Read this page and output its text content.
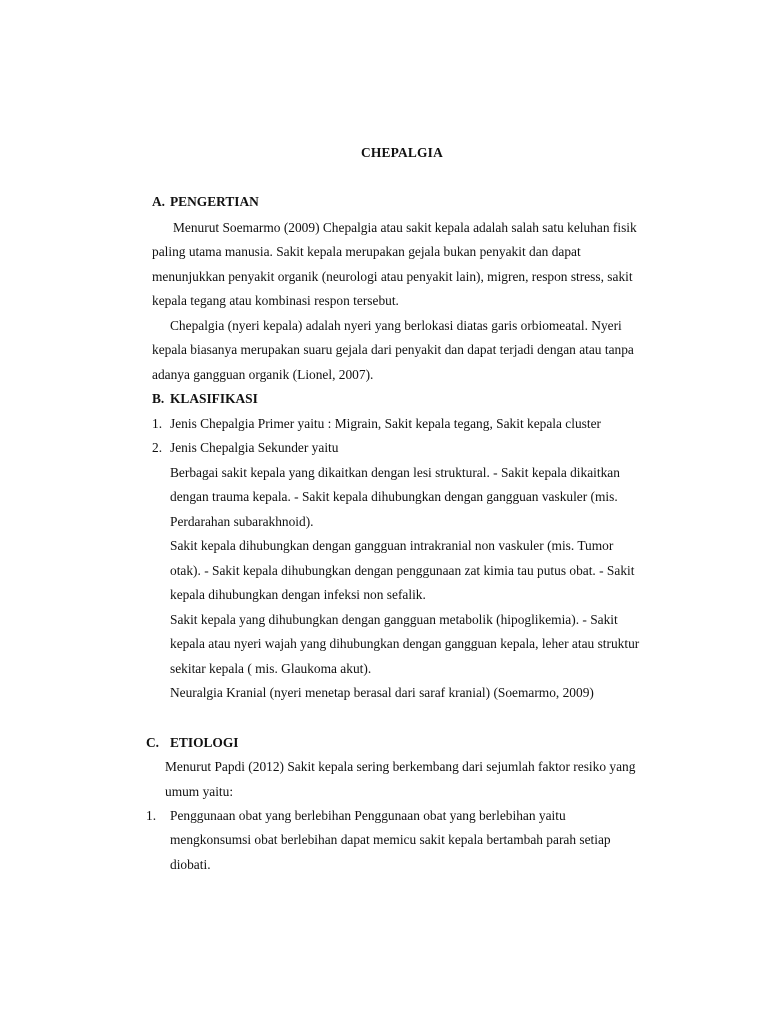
CHEPALGIA
A. PENGERTIAN
Menurut Soemarmo (2009) Chepalgia atau sakit kepala adalah salah satu keluhan fisik
paling utama manusia. Sakit kepala merupakan gejala bukan penyakit dan dapat
menunjukkan penyakit organik (neurologi atau penyakit lain), migren, respon stress, sakit
kepala tegang atau kombinasi respon tersebut.
Chepalgia (nyeri kepala) adalah nyeri yang berlokasi diatas garis orbiomeatal. Nyeri
kepala biasanya merupakan suaru gejala dari penyakit dan dapat terjadi dengan atau tanpa
adanya gangguan organik (Lionel, 2007).
B. KLASIFIKASI
1. Jenis Chepalgia Primer yaitu : Migrain, Sakit kepala tegang, Sakit kepala cluster
2. Jenis Chepalgia Sekunder yaitu
Berbagai sakit kepala yang dikaitkan dengan lesi struktural. - Sakit kepala dikaitkan
dengan trauma kepala. - Sakit kepala dihubungkan dengan gangguan vaskuler (mis.
Perdarahan subarakhnoid).
Sakit kepala dihubungkan dengan gangguan intrakranial non vaskuler (mis. Tumor
otak). - Sakit kepala dihubungkan dengan penggunaan zat kimia tau putus obat. - Sakit
kepala dihubungkan dengan infeksi non sefalik.
Sakit kepala yang dihubungkan dengan gangguan metabolik (hipoglikemia). - Sakit
kepala atau nyeri wajah yang dihubungkan dengan gangguan kepala, leher atau struktur
sekitar kepala ( mis. Glaukoma akut).
Neuralgia Kranial (nyeri menetap berasal dari saraf kranial) (Soemarmo, 2009)
C. ETIOLOGI
Menurut Papdi (2012) Sakit kepala sering berkembang dari sejumlah faktor resiko yang
umum yaitu:
1. Penggunaan obat yang berlebihan Penggunaan obat yang berlebihan yaitu
mengkonsumsi obat berlebihan dapat memicu sakit kepala bertambah parah setiap
diobati.
